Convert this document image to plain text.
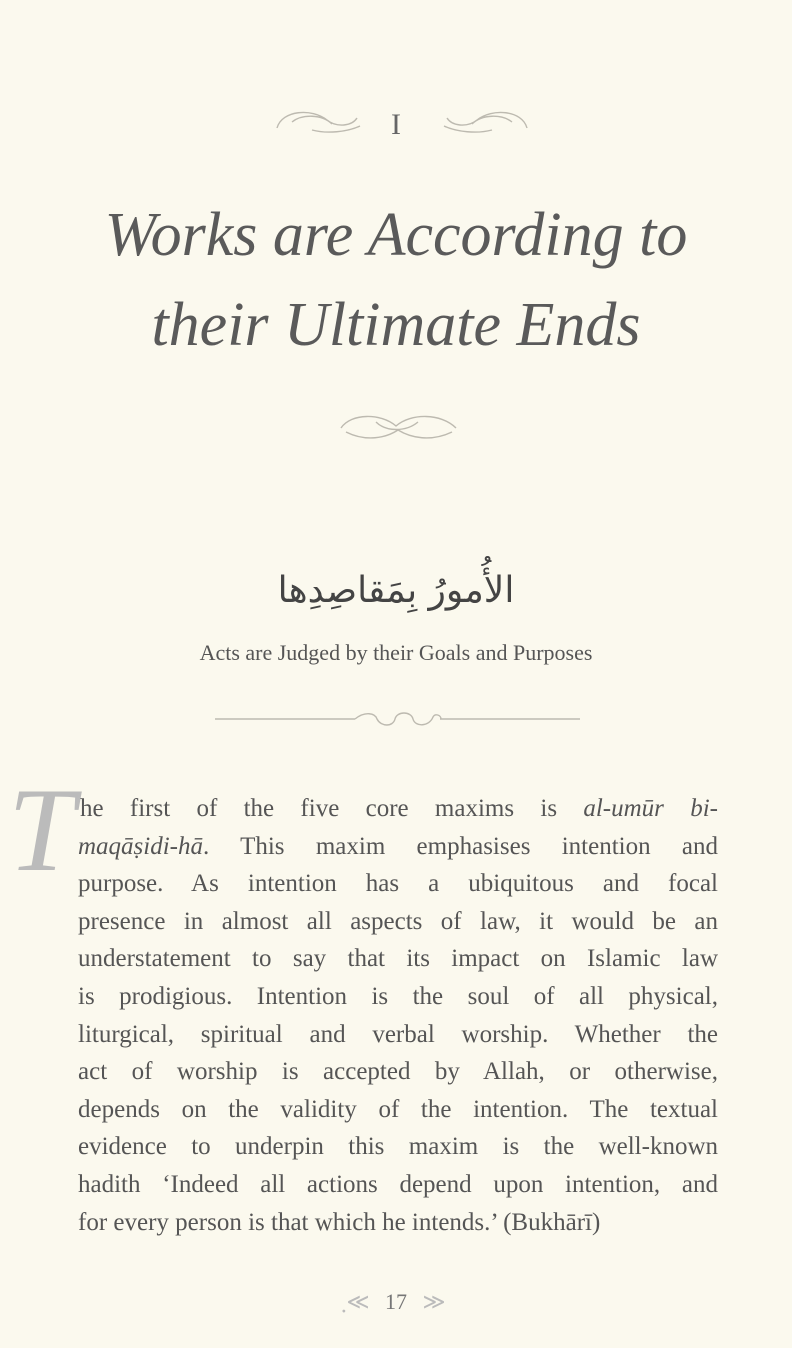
I
Works are According to
their Ultimate Ends
الأُمورُ بِمَقاصِدِها
Acts are Judged by their Goals and Purposes
T he first of the five core maxims is al-umūr bi-
maqāṣidi-hā. This maxim emphasises intention and
purpose. As intention has a ubiquitous and focal
presence in almost all aspects of law, it would be an
understatement to say that its impact on Islamic law
is prodigious. Intention is the soul of all physical,
liturgical, spiritual and verbal worship. Whether the
act of worship is accepted by Allah, or otherwise,
depends on the validity of the intention. The textual
evidence to underpin this maxim is the well-known
hadith ‘Indeed all actions depend upon intention, and
for every person is that which he intends.’ (Bukhārī)
ฺ≪ 17 ≫
